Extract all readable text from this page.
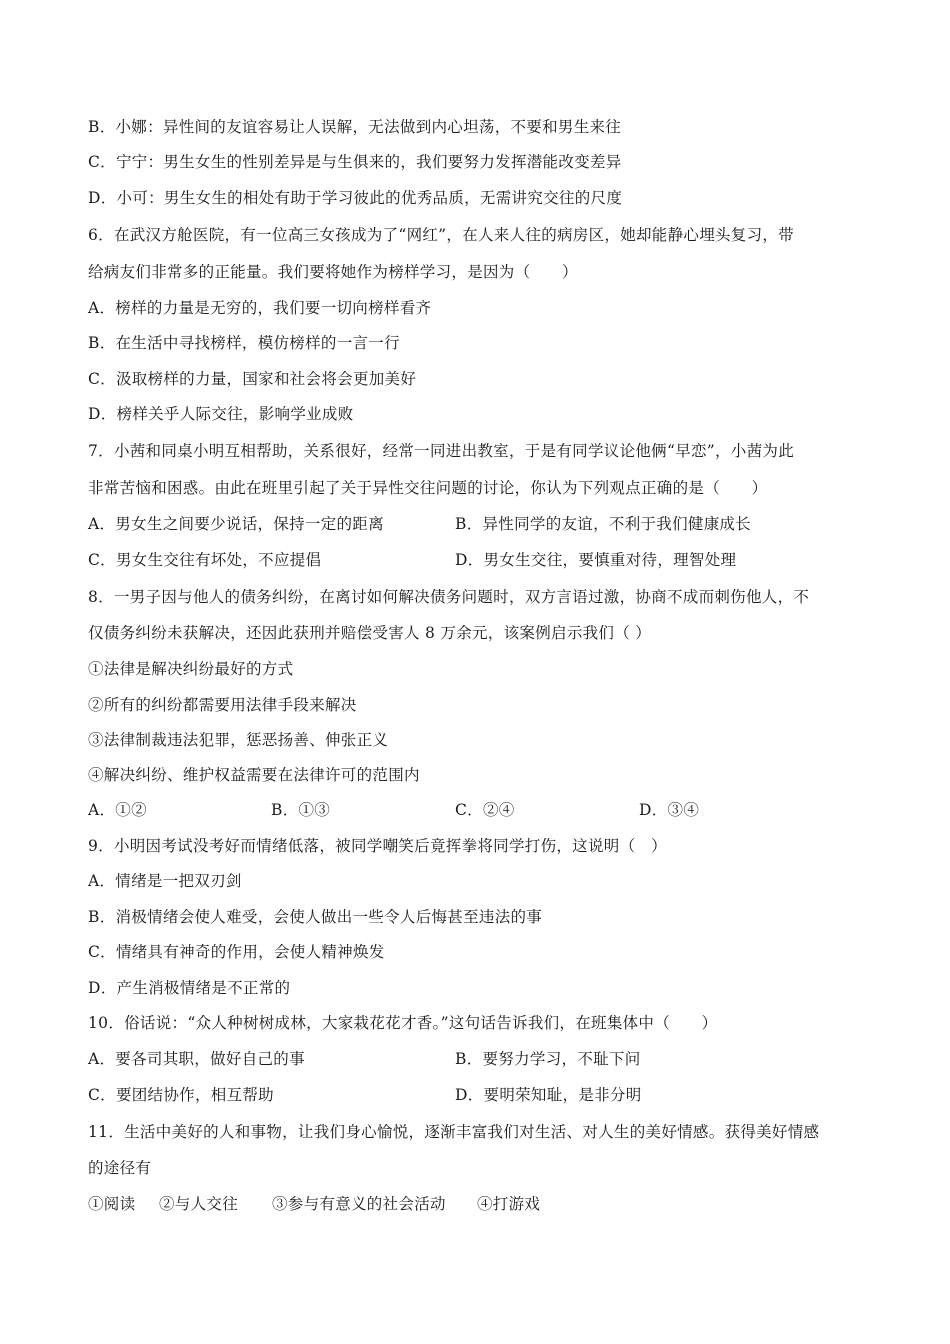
B．小娜：异性间的友谊容易让人误解，无法做到内心坦荡，不要和男生来往
C．宁宁：男生女生的性别差异是与生俱来的，我们要努力发挥潜能改变差异
D．小可：男生女生的相处有助于学习彼此的优秀品质，无需讲究交往的尺度
6．在武汉方舱医院，有一位高三女孩成为了“网红”，在人来人往的病房区，她却能静心埋头复习，带
给病友们非常多的正能量。我们要将她作为榜样学习，是因为（　　）
A．榜样的力量是无穷的，我们要一切向榜样看齐
B．在生活中寻找榜样，模仿榜样的一言一行
C．汲取榜样的力量，国家和社会将会更加美好
D．榜样关乎人际交往，影响学业成败
7．小茜和同桌小明互相帮助，关系很好，经常一同进出教室，于是有同学议论他俩“早恋”，小茜为此
非常苦恼和困惑。由此在班里引起了关于异性交往问题的讨论，你认为下列观点正确的是（　　）
A．男女生之间要少说话，保持一定的距离	B．异性同学的友谊，不利于我们健康成长
C．男女生交往有坏处，不应提倡	D．男女生交往，要慎重对待，理智处理
8．一男子因与他人的债务纠纷，在离讨如何解决债务问题时，双方言语过激，协商不成而刺伤他人，不
仅债务纠纷未获解决，还因此获刑并赔偿受害人 8 万余元，该案例启示我们（ ）
①法律是解决纠纷最好的方式
②所有的纠纷都需要用法律手段来解决
③法律制裁违法犯罪，惩恶扬善、伸张正义
④解决纠纷、维护权益需要在法律许可的范围内
A．①②	B．①③	C．②④	D．③④
9．小明因考试没考好而情绪低落，被同学嘲笑后竟挥拳将同学打伤，这说明（　）
A．情绪是一把双刃剑
B．消极情绪会使人难受，会使人做出一些令人后悔甚至违法的事
C．情绪具有神奇的作用，会使人精神焕发
D．产生消极情绪是不正常的
10．俗话说：“众人种树树成林，大家栽花花才香。”这句话告诉我们，在班集体中（　　）
A．要各司其职，做好自己的事	B．要努力学习，不耻下问
C．要团结协作，相互帮助	D．要明荣知耻，是非分明
11．生活中美好的人和事物，让我们身心愉悦，逐渐丰富我们对生活、对人生的美好情感。获得美好情感
的途径有
①阅读 ②与人交往 ③参与有意义的社会活动 ④打游戏
